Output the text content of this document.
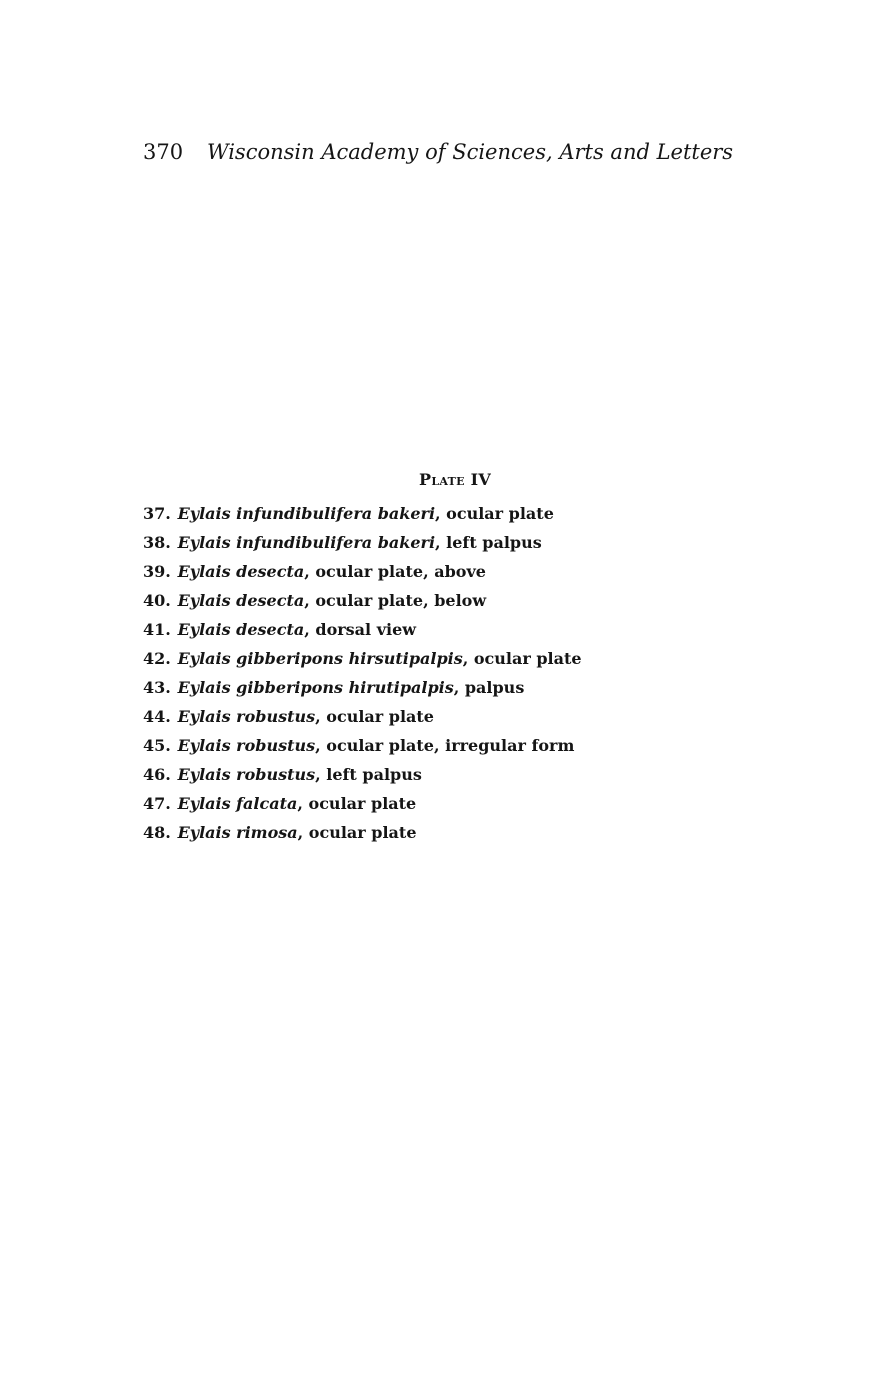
370 Wisconsin Academy of Sciences, Arts and Letters
Plate IV
37. Eylais infundibulifera bakeri, ocular plate
38. Eylais infundibulifera bakeri, left palpus
39. Eylais desecta, ocular plate, above
40. Eylais desecta, ocular plate, below
41. Eylais desecta, dorsal view
42. Eylais gibberipons hirsutipalpis, ocular plate
43. Eylais gibberipons hirutipalpis, palpus
44. Eylais robustus, ocular plate
45. Eylais robustus, ocular plate, irregular form
46. Eylais robustus, left palpus
47. Eylais falcata, ocular plate
48. Eylais rimosa, ocular plate
